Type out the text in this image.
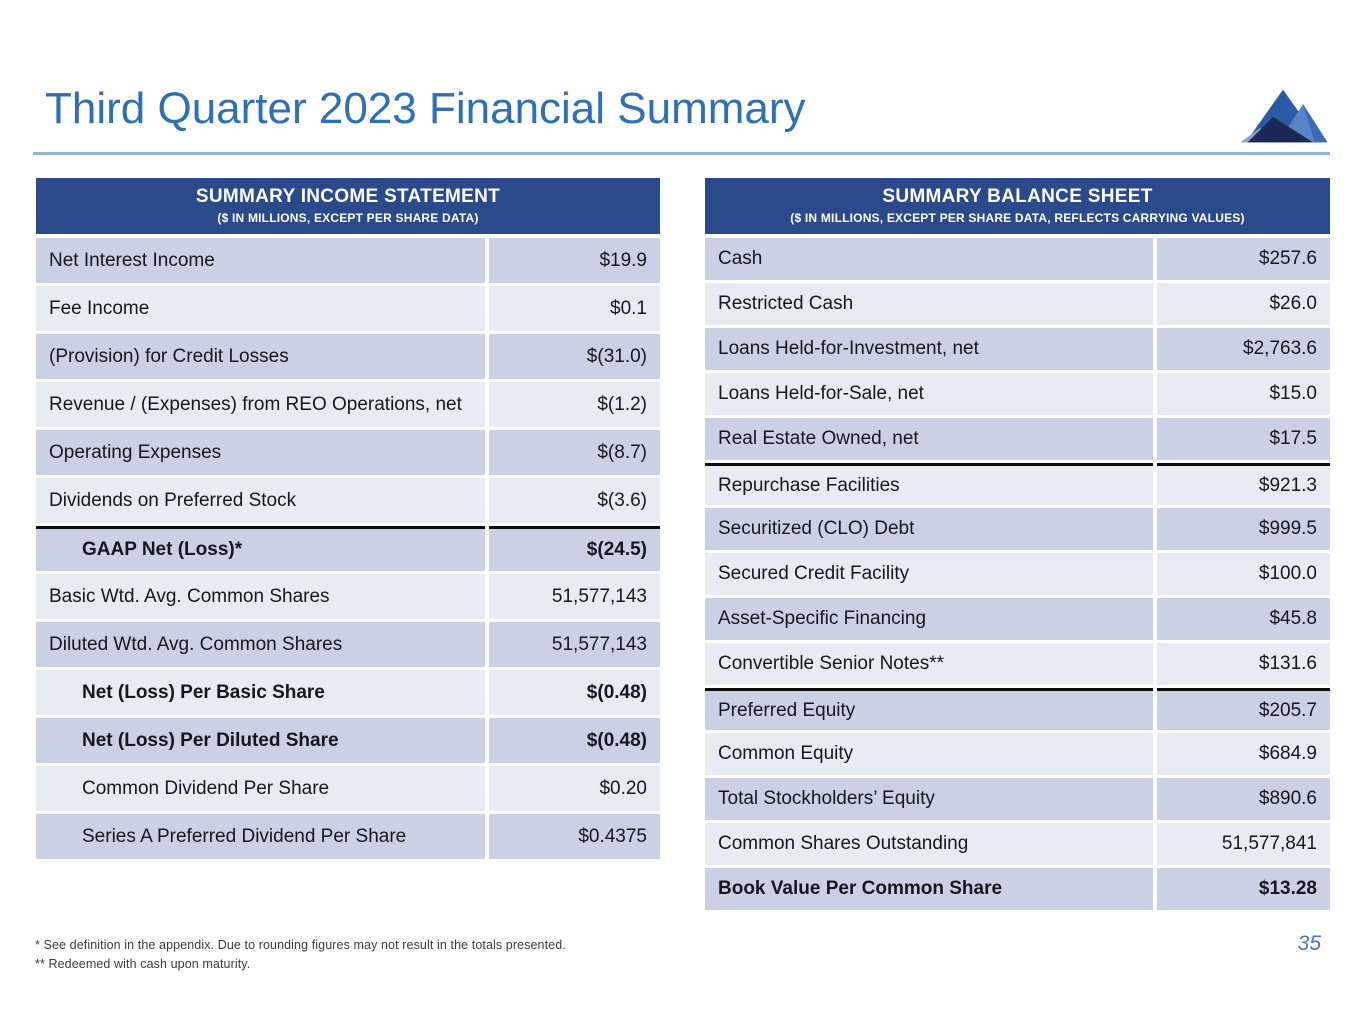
Third Quarter 2023 Financial Summary
SUMMARY INCOME STATEMENT
($ IN MILLIONS, EXCEPT PER SHARE DATA)
Net Interest Income	$19.9
Fee Income	$0.1
(Provision) for Credit Losses	$(31.0)
Revenue / (Expenses) from REO Operations, net	$(1.2)
Operating Expenses	$(8.7)
Dividends on Preferred Stock	$(3.6)
GAAP Net (Loss)*	$(24.5)
Basic Wtd. Avg. Common Shares	51,577,143
Diluted Wtd. Avg. Common Shares	51,577,143
Net (Loss) Per Basic Share	$(0.48)
Net (Loss) Per Diluted Share	$(0.48)
Common Dividend Per Share	$0.20
Series A Preferred Dividend Per Share	$0.4375
SUMMARY BALANCE SHEET
($ IN MILLIONS, EXCEPT PER SHARE DATA, REFLECTS CARRYING VALUES)
Cash	$257.6
Restricted Cash	$26.0
Loans Held-for-Investment, net	$2,763.6
Loans Held-for-Sale, net	$15.0
Real Estate Owned, net	$17.5
Repurchase Facilities	$921.3
Securitized (CLO) Debt	$999.5
Secured Credit Facility	$100.0
Asset-Specific Financing	$45.8
Convertible Senior Notes**	$131.6
Preferred Equity	$205.7
Common Equity	$684.9
Total Stockholders’ Equity	$890.6
Common Shares Outstanding	51,577,841
Book Value Per Common Share	$13.28
* See definition in the appendix. Due to rounding figures may not result in the totals presented.
** Redeemed with cash upon maturity.
35
